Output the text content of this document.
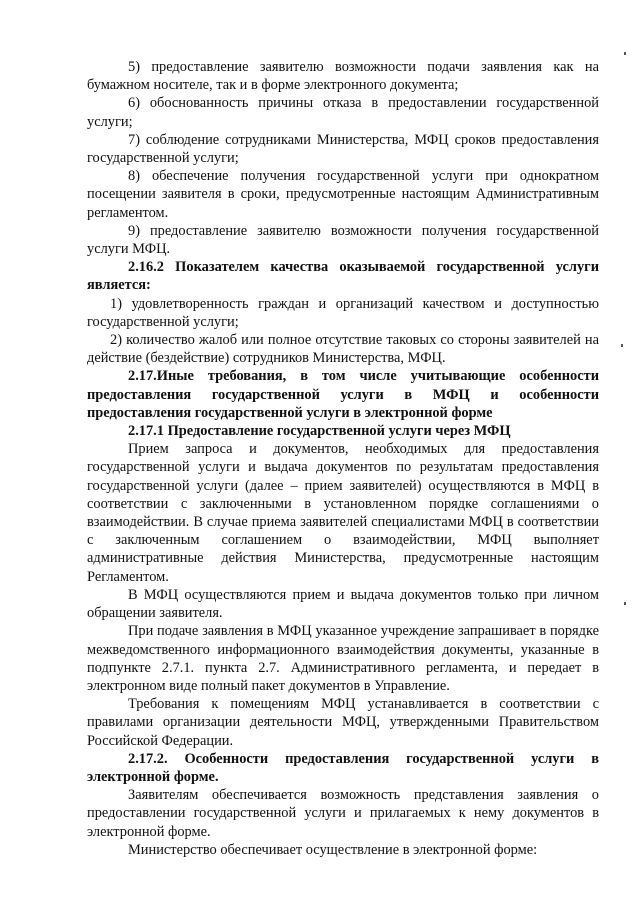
5) предоставление заявителю возможности подачи заявления как на бумажном носителе, так и в форме электронного документа;

6) обоснованность причины отказа в предоставлении государственной услуги;

7) соблюдение сотрудниками Министерства, МФЦ сроков предоставления государственной услуги;

8) обеспечение получения государственной услуги при однократном посещении заявителя в сроки, предусмотренные настоящим Административным регламентом.

9) предоставление заявителю возможности получения государственной услуги МФЦ.

2.16.2 Показателем качества оказываемой государственной услуги является:

1) удовлетворенность граждан и организаций качеством и доступностью государственной услуги;

2) количество жалоб или полное отсутствие таковых со стороны заявителей на действие (бездействие) сотрудников Министерства, МФЦ.

2.17.Иные требования, в том числе учитывающие особенности предоставления государственной услуги в МФЦ и особенности предоставления государственной услуги в электронной форме

2.17.1 Предоставление государственной услуги через МФЦ

Прием запроса и документов, необходимых для предоставления государственной услуги и выдача документов по результатам предоставления государственной услуги (далее – прием заявителей) осуществляются в МФЦ в соответствии с заключенными в установленном порядке соглашениями о взаимодействии. В случае приема заявителей специалистами МФЦ в соответствии с заключенным соглашением о взаимодействии, МФЦ выполняет административные действия Министерства, предусмотренные настоящим Регламентом.

В МФЦ осуществляются прием и выдача документов только при личном обращении заявителя.

При подаче заявления в МФЦ указанное учреждение запрашивает в порядке межведомственного информационного взаимодействия документы, указанные в подпункте 2.7.1. пункта 2.7. Административного регламента, и передает в электронном виде полный пакет документов в Управление.

Требования к помещениям МФЦ устанавливается в соответствии с правилами организации деятельности МФЦ, утвержденными Правительством Российской Федерации.

2.17.2. Особенности предоставления государственной услуги в электронной форме.

Заявителям обеспечивается возможность представления заявления о предоставлении государственной услуги и прилагаемых к нему документов в электронной форме.

Министерство обеспечивает осуществление в электронной форме:
